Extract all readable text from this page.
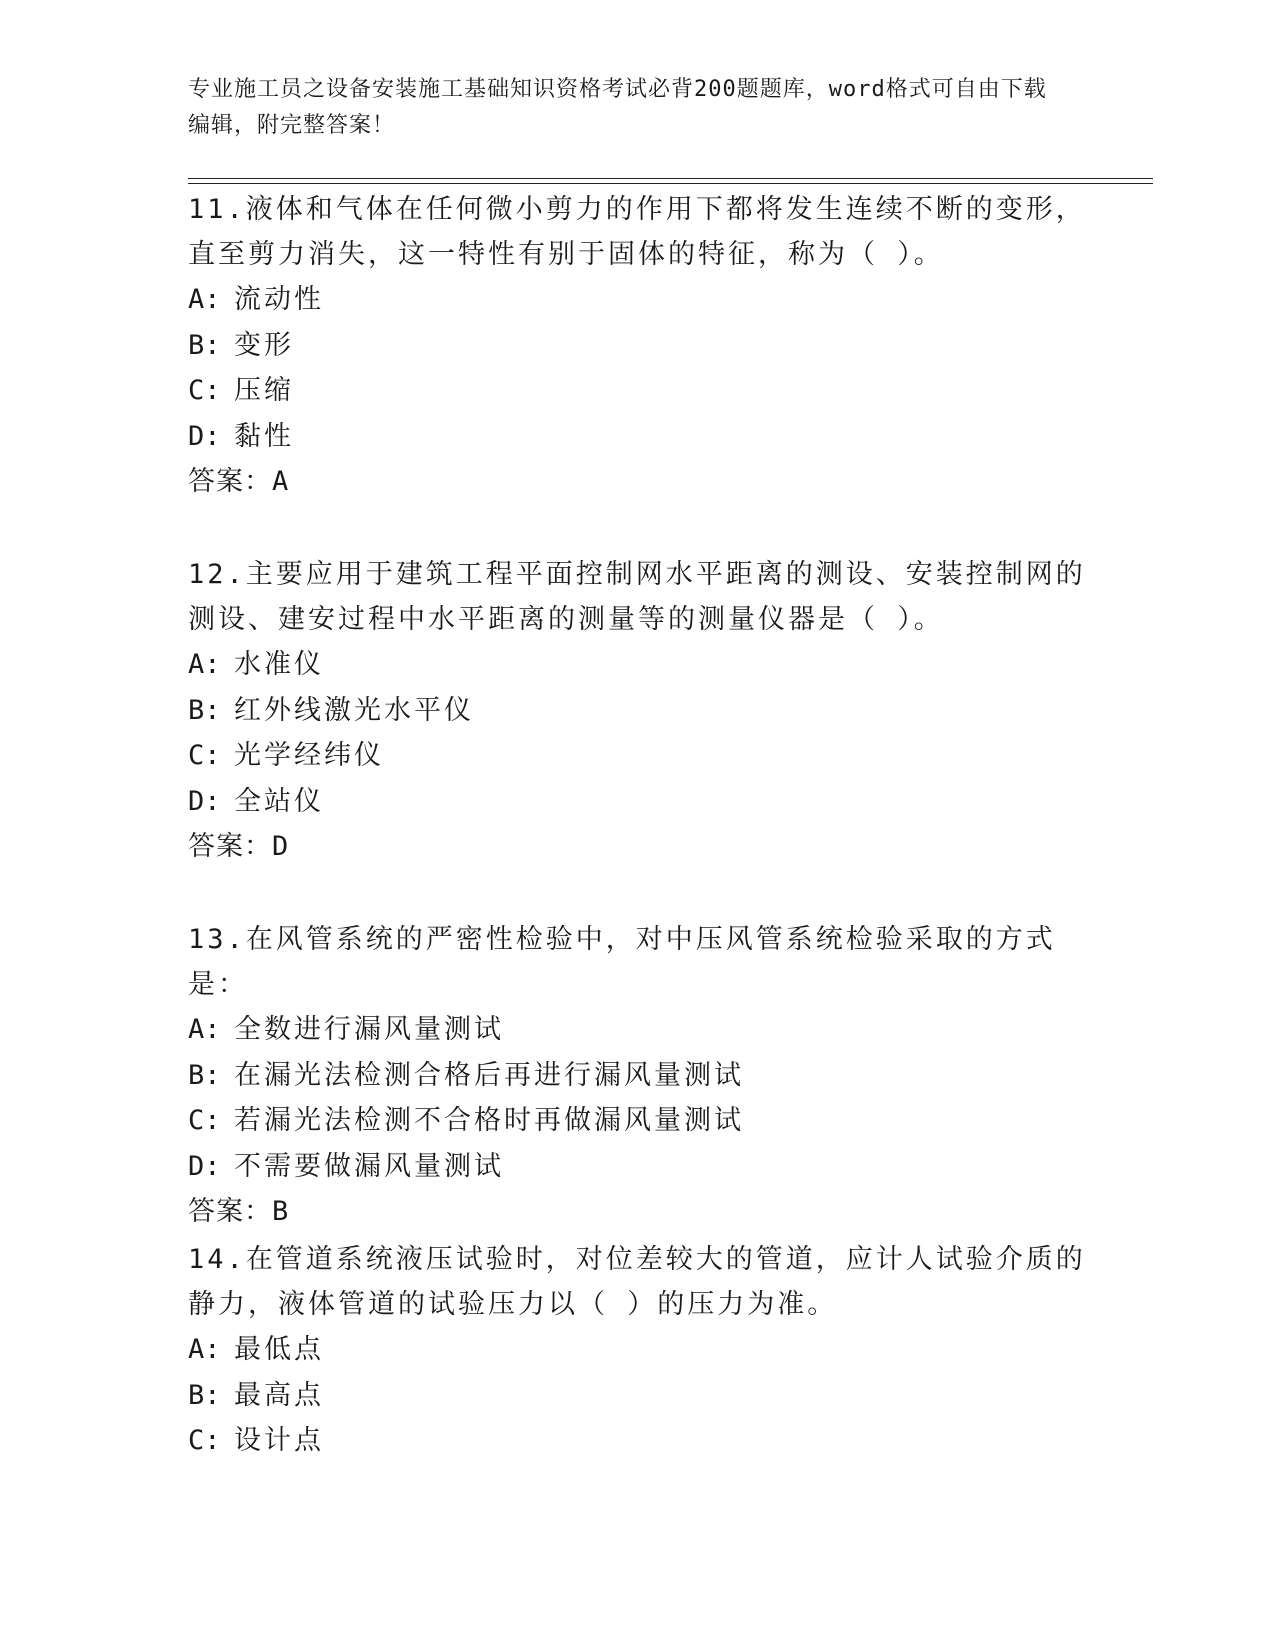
专业施工员之设备安装施工基础知识资格考试必背200题题库，word格式可自由下载编辑，附完整答案！

11.液体和气体在任何微小剪力的作用下都将发生连续不断的变形，直至剪力消失，这一特性有别于固体的特征，称为（ ）。

A: 流动性

B: 变形

C: 压缩

D: 黏性

答案：A

12.主要应用于建筑工程平面控制网水平距离的测设、安装控制网的测设、建安过程中水平距离的测量等的测量仪器是（ ）。

A: 水准仪

B: 红外线激光水平仪

C: 光学经纬仪

D: 全站仪

答案：D

13.在风管系统的严密性检验中，对中压风管系统检验采取的方式是：

A: 全数进行漏风量测试

B: 在漏光法检测合格后再进行漏风量测试

C: 若漏光法检测不合格时再做漏风量测试

D: 不需要做漏风量测试

答案：B

14.在管道系统液压试验时，对位差较大的管道，应计人试验介质的静力，液体管道的试验压力以（ ）的压力为准。

A: 最低点

B: 最高点

C: 设计点
